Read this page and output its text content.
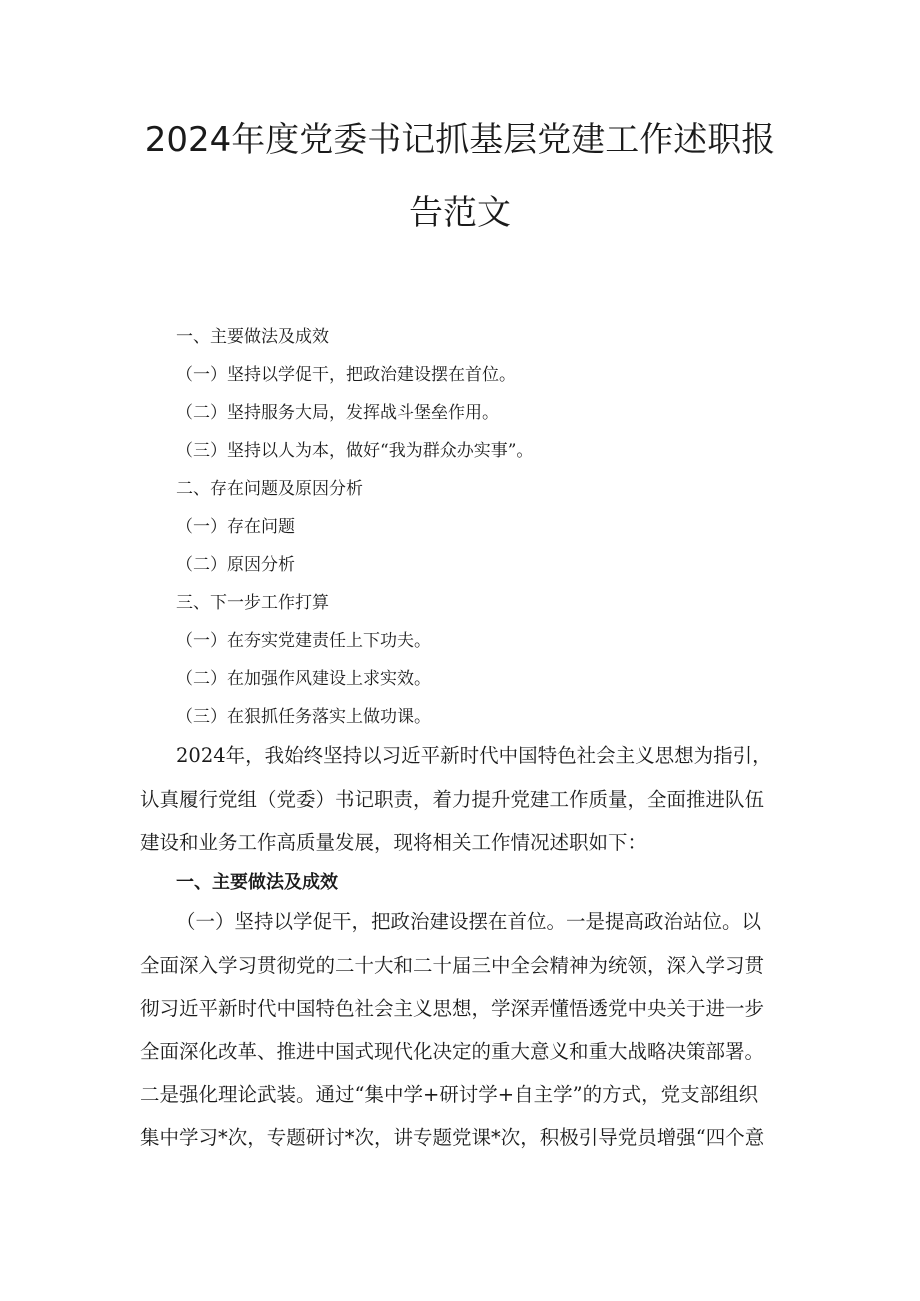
2024年度党委书记抓基层党建工作述职报
告范文
一、主要做法及成效
（一）坚持以学促干，把政治建设摆在首位。
（二）坚持服务大局，发挥战斗堡垒作用。
（三）坚持以人为本，做好“我为群众办实事”。
二、存在问题及原因分析
（一）存在问题
（二）原因分析
三、下一步工作打算
（一）在夯实党建责任上下功夫。
（二）在加强作风建设上求实效。
（三）在狠抓任务落实上做功课。
2024年，我始终坚持以习近平新时代中国特色社会主义思想为指引，
认真履行党组（党委）书记职责，着力提升党建工作质量，全面推进队伍
建设和业务工作高质量发展，现将相关工作情况述职如下：
一、主要做法及成效
（一）坚持以学促干，把政治建设摆在首位。一是提高政治站位。以
全面深入学习贯彻党的二十大和二十届三中全会精神为统领，深入学习贯
彻习近平新时代中国特色社会主义思想，学深弄懂悟透党中央关于进一步
全面深化改革、推进中国式现代化决定的重大意义和重大战略决策部署。
二是强化理论武装。通过“集中学+研讨学+自主学”的方式，党支部组织
集中学习*次，专题研讨*次，讲专题党课*次，积极引导党员增强“四个意
